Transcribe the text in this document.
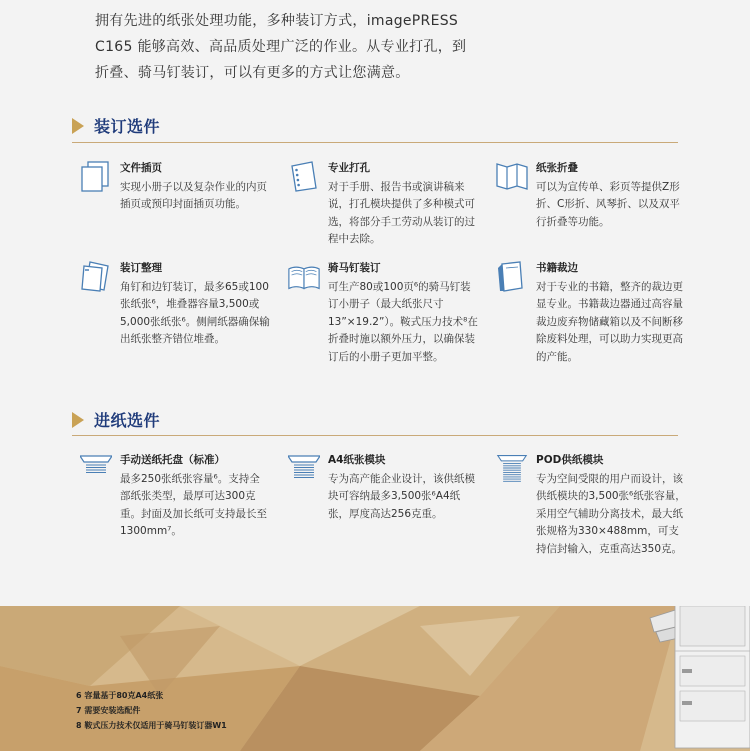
拥有先进的纸张处理功能，多种装订方式，imagePRESS

C165 能够高效、高品质处理广泛的作业。从专业打孔，到

折叠、骑马钉装订，可以有更多的方式让您满意。

装订选件
文件插页
实现小册子以及复杂作业的内页插页或预印封面插页功能。
专业打孔
对于手册、报告书或演讲稿来说，打孔模块提供了多种模式可选，将部分手工劳动从装订的过程中去除。
纸张折叠
可以为宣传单、彩页等提供Z形折、C形折、风琴折、以及双平行折叠等功能。
装订整理
角钉和边钉装订，最多65或100张纸张⁶，堆叠器容量3,500或5,000张纸张⁶。侧闸纸器确保输出纸张整齐错位堆叠。
骑马钉装订
可生产80或100页⁶的骑马钉装订小册子（最大纸张尺寸13”×19.2”）。鞍式压力技术⁸在折叠时施以额外压力，以确保装订后的小册子更加平整。
书籍裁边
对于专业的书籍，整齐的裁边更显专业。书籍裁边器通过高容量裁边废弃物储藏箱以及不间断移除废料处理，可以助力实现更高的产能。
进纸选件
手动送纸托盘（标准）
最多250张纸张容量⁶。支持全部纸张类型，最厚可达300克重。封面及加长纸可支持最长至1300mm⁷。
A4纸张模块
专为高产能企业设计，该供纸模块可容纳最多3,500张⁶A4纸张，厚度高达256克重。
POD供纸模块
专为空间受限的用户而设计，该供纸模块的3,500张⁶纸张容量，采用空气辅助分离技术，最大纸张规格为330×488mm，可支持信封输入，克重高达350克。
6 容量基于80克A4纸张
7 需要安装选配件
8 鞍式压力技术仅适用于骑马钉装订器W1
